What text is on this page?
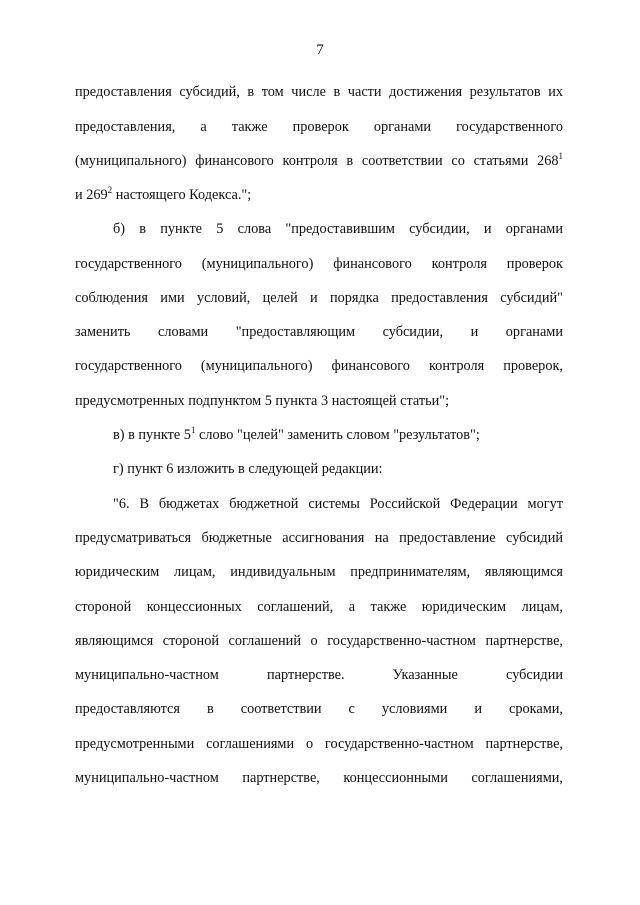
7
предоставления субсидий, в том числе в части достижения результатов их
предоставления, а также проверок органами государственного
(муниципального) финансового контроля в соответствии со статьями $268^1$
и $269^2$ настоящего Кодекса.";
б) в пункте 5 слова "предоставившим субсидии, и органами
государственного (муниципального) финансового контроля проверок
соблюдения ими условий, целей и порядка предоставления субсидий"
заменить словами "предоставляющим субсидии, и органами
государственного (муниципального) финансового контроля проверок,
предусмотренных подпунктом 5 пункта 3 настоящей статьи";
в) в пункте $5^1$ слово "целей" заменить словом "результатов";
г) пункт 6 изложить в следующей редакции:
"6. В бюджетах бюджетной системы Российской Федерации могут
предусматриваться бюджетные ассигнования на предоставление субсидий
юридическим лицам, индивидуальным предпринимателям, являющимся
стороной концессионных соглашений, а также юридическим лицам,
являющимся стороной соглашений о государственно-частном партнерстве,
муниципально-частном партнерстве. Указанные субсидии
предоставляются в соответствии с условиями и сроками,
предусмотренными соглашениями о государственно-частном партнерстве,
муниципально-частном партнерстве, концессионными соглашениями,
